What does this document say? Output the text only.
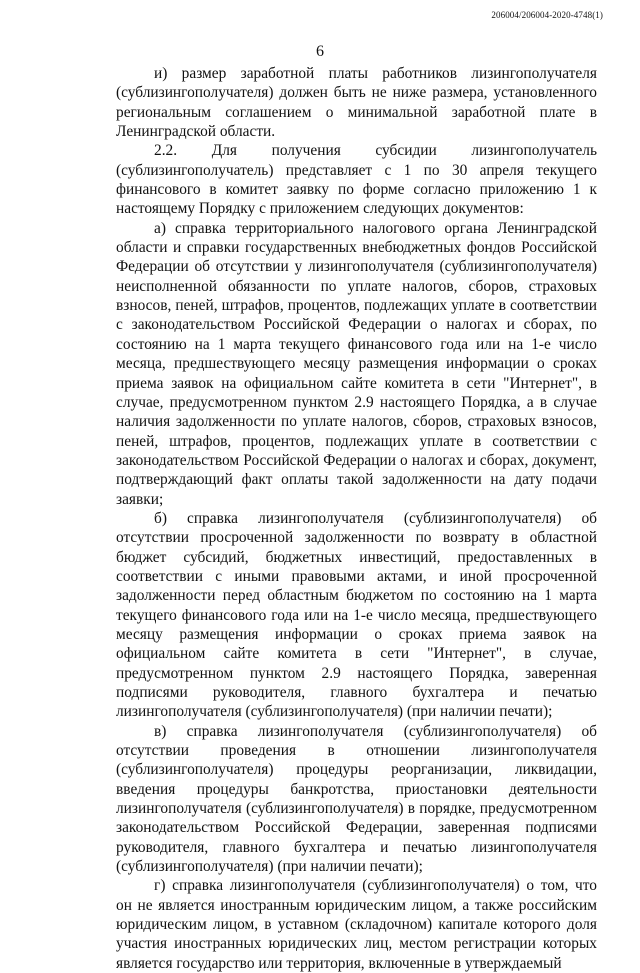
206004/206004-2020-4748(1)
6

и) размер заработной платы работников лизингополучателя (сублизингополучателя) должен быть не ниже размера, установленного региональным соглашением о минимальной заработной плате в Ленинградской области.

2.2. Для получения субсидии лизингополучатель (сублизингополучатель) представляет с 1 по 30 апреля текущего финансового в комитет заявку по форме согласно приложению 1 к настоящему Порядку с приложением следующих документов:

а) справка территориального налогового органа Ленинградской области и справки государственных внебюджетных фондов Российской Федерации об отсутствии у лизингополучателя (сублизингополучателя) неисполненной обязанности по уплате налогов, сборов, страховых взносов, пеней, штрафов, процентов, подлежащих уплате в соответствии с законодательством Российской Федерации о налогах и сборах, по состоянию на 1 марта текущего финансового года или на 1-е число месяца, предшествующего месяцу размещения информации о сроках приема заявок на официальном сайте комитета в сети "Интернет", в случае, предусмотренном пунктом 2.9 настоящего Порядка, а в случае наличия задолженности по уплате налогов, сборов, страховых взносов, пеней, штрафов, процентов, подлежащих уплате в соответствии с законодательством Российской Федерации о налогах и сборах, документ, подтверждающий факт оплаты такой задолженности на дату подачи заявки;

б) справка лизингополучателя (сублизингополучателя) об отсутствии просроченной задолженности по возврату в областной бюджет субсидий, бюджетных инвестиций, предоставленных в соответствии с иными правовыми актами, и иной просроченной задолженности перед областным бюджетом по состоянию на 1 марта текущего финансового года или на 1-е число месяца, предшествующего месяцу размещения информации о сроках приема заявок на официальном сайте комитета в сети "Интернет", в случае, предусмотренном пунктом 2.9 настоящего Порядка, заверенная подписями руководителя, главного бухгалтера и печатью лизингополучателя (сублизингополучателя) (при наличии печати);

в) справка лизингополучателя (сублизингополучателя) об отсутствии проведения в отношении лизингополучателя (сублизингополучателя) процедуры реорганизации, ликвидации, введения процедуры банкротства, приостановки деятельности лизингополучателя (сублизингополучателя) в порядке, предусмотренном законодательством Российской Федерации, заверенная подписями руководителя, главного бухгалтера и печатью лизингополучателя (сублизингополучателя) (при наличии печати);

г) справка лизингополучателя (сублизингополучателя) о том, что он не является иностранным юридическим лицом, а также российским юридическим лицом, в уставном (складочном) капитале которого доля участия иностранных юридических лиц, местом регистрации которых является государство или территория, включенные в утверждаемый
